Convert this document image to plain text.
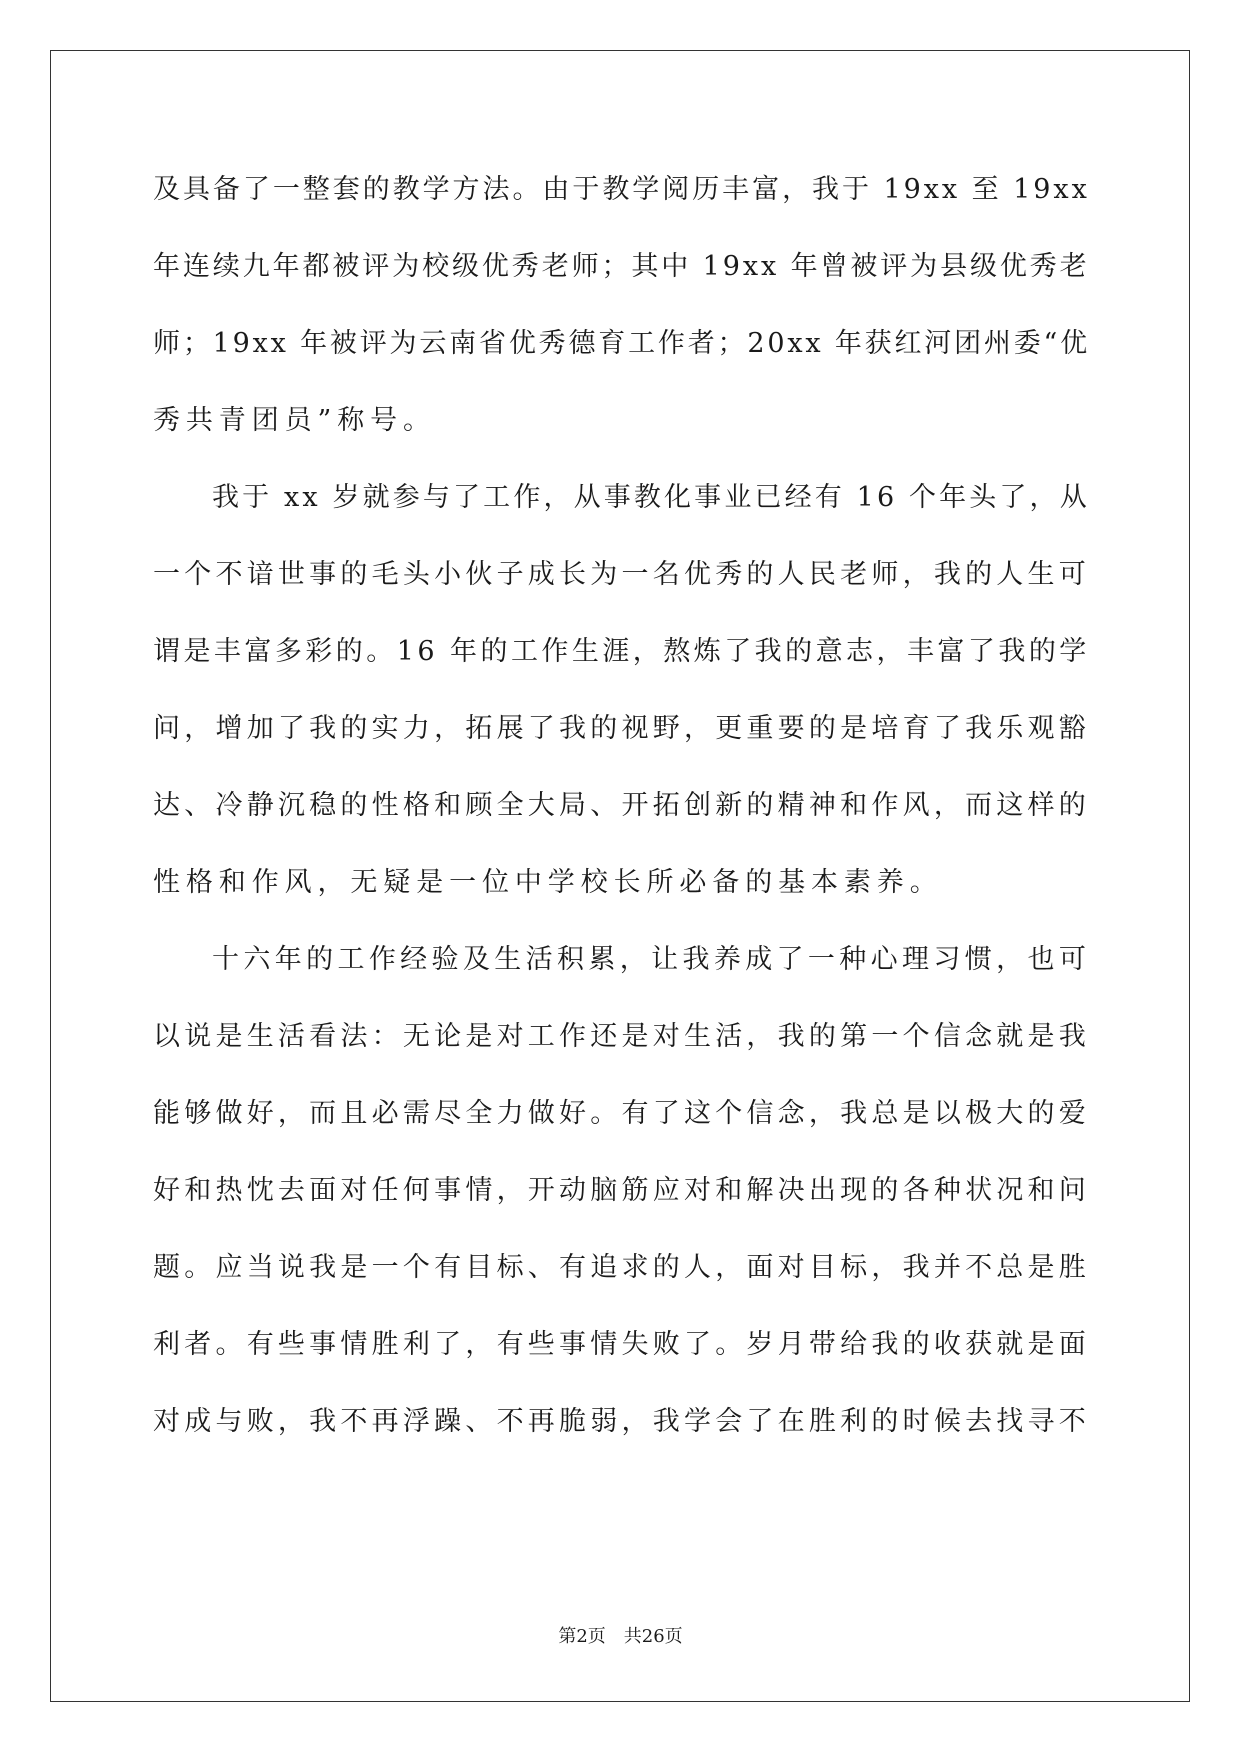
及具备了一整套的教学方法。由于教学阅历丰富，我于 19xx 至 19xx
年连续九年都被评为校级优秀老师；其中 19xx 年曾被评为县级优秀老
师；19xx 年被评为云南省优秀德育工作者；20xx 年获红河团州委“优
秀共青团员”称号。
我于 xx 岁就参与了工作，从事教化事业已经有 16 个年头了，从
一个不谙世事的毛头小伙子成长为一名优秀的人民老师，我的人生可
谓是丰富多彩的。16 年的工作生涯，熬炼了我的意志，丰富了我的学
问，增加了我的实力，拓展了我的视野，更重要的是培育了我乐观豁
达、冷静沉稳的性格和顾全大局、开拓创新的精神和作风，而这样的
性格和作风，无疑是一位中学校长所必备的基本素养。
十六年的工作经验及生活积累，让我养成了一种心理习惯，也可
以说是生活看法：无论是对工作还是对生活，我的第一个信念就是我
能够做好，而且必需尽全力做好。有了这个信念，我总是以极大的爱
好和热忱去面对任何事情，开动脑筋应对和解决出现的各种状况和问
题。应当说我是一个有目标、有追求的人，面对目标，我并不总是胜
利者。有些事情胜利了，有些事情失败了。岁月带给我的收获就是面
对成与败，我不再浮躁、不再脆弱，我学会了在胜利的时候去找寻不
第2页　共26页
